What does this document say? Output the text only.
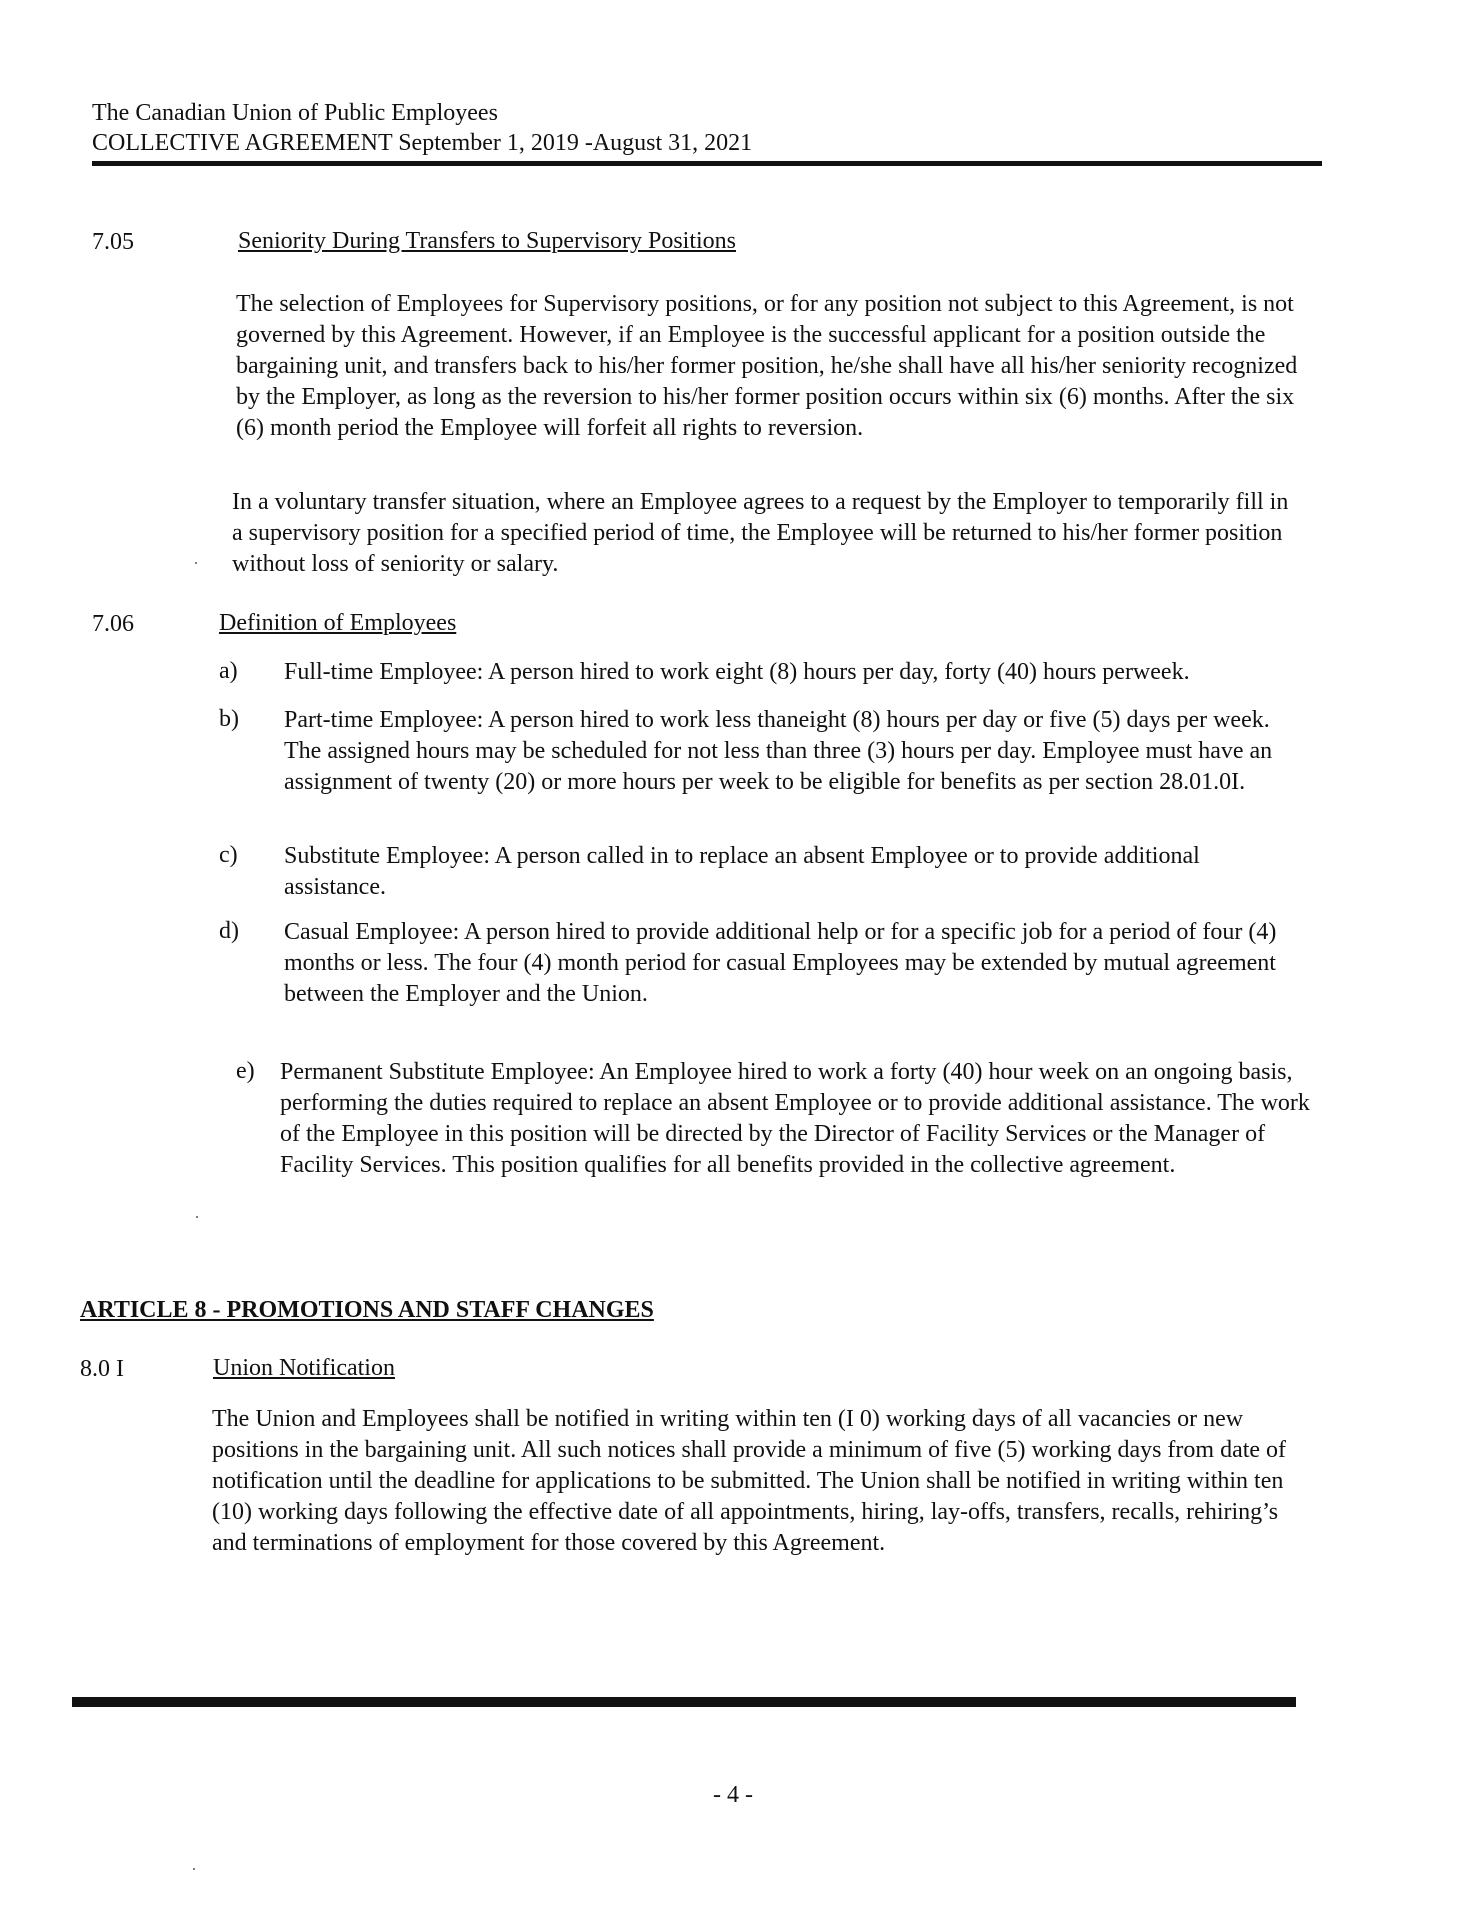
The Canadian Union of Public Employees
COLLECTIVE AGREEMENT September 1, 2019 -August 31, 2021
7.05	Seniority During Transfers to Supervisory Positions
The selection of Employees for Supervisory positions, or for any position not subject to this Agreement, is not governed by this Agreement. However, if an Employee is the successful applicant for a position outside the bargaining unit, and transfers back to his/her former position, he/she shall have all his/her seniority recognized by the Employer, as long as the reversion to his/her former position occurs within six (6) months. After the six (6) month period the Employee will forfeit all rights to reversion.
In a voluntary transfer situation, where an Employee agrees to a request by the Employer to temporarily fill in a supervisory position for a specified period of time, the Employee will be returned to his/her former position without loss of seniority or salary.
7.06	Definition of Employees
a) Full-time Employee: A person hired to work eight (8) hours per day, forty (40) hours perweek.
b) Part-time Employee: A person hired to work less thaneight (8) hours per day or five (5) days per week. The assigned hours may be scheduled for not less than three (3) hours per day. Employee must have an assignment of twenty (20) or more hours per week to be eligible for benefits as per section 28.01.0I.
c) Substitute Employee: A person called in to replace an absent Employee or to provide additional assistance.
d) Casual Employee: A person hired to provide additional help or for a specific job for a period of four (4) months or less. The four (4) month period for casual Employees may be extended by mutual agreement between the Employer and the Union.
e) Permanent Substitute Employee: An Employee hired to work a forty (40) hour week on an ongoing basis, performing the duties required to replace an absent Employee or to provide additional assistance. The work of the Employee in this position will be directed by the Director of Facility Services or the Manager of Facility Services. This position qualifies for all benefits provided in the collective agreement.
ARTICLE 8 - PROMOTIONS AND STAFF CHANGES
8.0 I	Union Notification
The Union and Employees shall be notified in writing within ten (I 0) working days of all vacancies or new positions in the bargaining unit. All such notices shall provide a minimum of five (5) working days from date of notification until the deadline for applications to be submitted. The Union shall be notified in writing within ten (10) working days following the effective date of all appointments, hiring, lay-offs, transfers, recalls, rehiring’s and terminations of employment for those covered by this Agreement.
- 4 -
